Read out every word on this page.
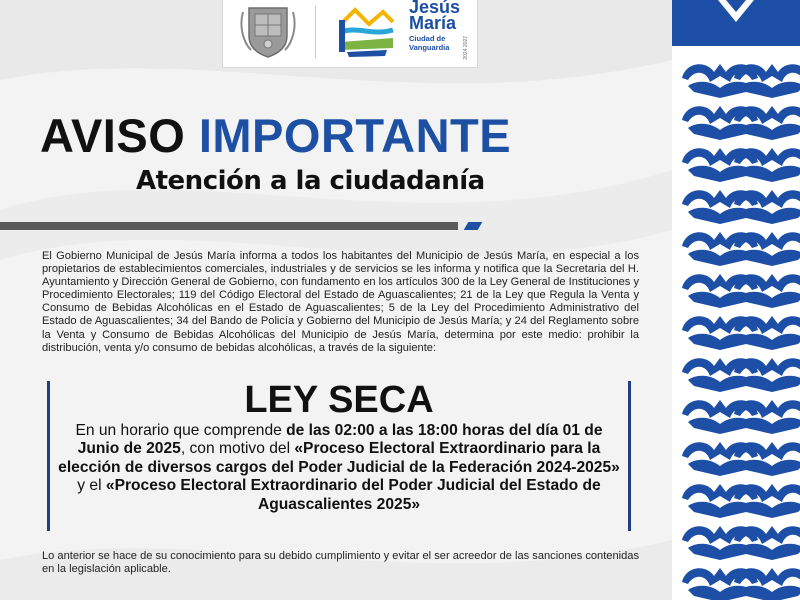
Jesús
María
Ciudad de Vanguardia	2024 2027
AVISO IMPORTANTE
Atención a la ciudadanía

El Gobierno Municipal de Jesús María informa a todos los habitantes del Municipio de Jesús María, en especial a los propietarios de establecimientos comerciales, industriales y de servicios se les informa y notifica que la Secretaria del H. Ayuntamiento y Dirección General de Gobierno, con fundamento en los artículos 300 de la Ley General de Instituciones y Procedimiento Electorales; 119 del Código Electoral del Estado de Aguascalientes; 21 de la Ley que Regula la Venta y Consumo de Bebidas Alcohólicas en el Estado de Aguascalientes; 5 de la Ley del Procedimiento Administrativo del Estado de Aguascalientes; 34 del Bando de Policía y Gobierno del Municipio de Jesús María; y 24 del Reglamento sobre la Venta y Consumo de Bebidas Alcohólicas del Municipio de Jesús María, determina por este medio: prohibir la distribución, venta y/o consumo de bebidas alcohólicas, a través de la siguiente:

LEY SECA
En un horario que comprende de las 02:00 a las 18:00 horas del día 01 de Junio de 2025, con motivo del «Proceso Electoral Extraordinario para la elección de diversos cargos del Poder Judicial de la Federación 2024-2025» y el «Proceso Electoral Extraordinario del Poder Judicial del Estado de Aguascalientes 2025»

Lo anterior se hace de su conocimiento para su debido cumplimiento y evitar el ser acreedor de las sanciones contenidas en la legislación aplicable.
